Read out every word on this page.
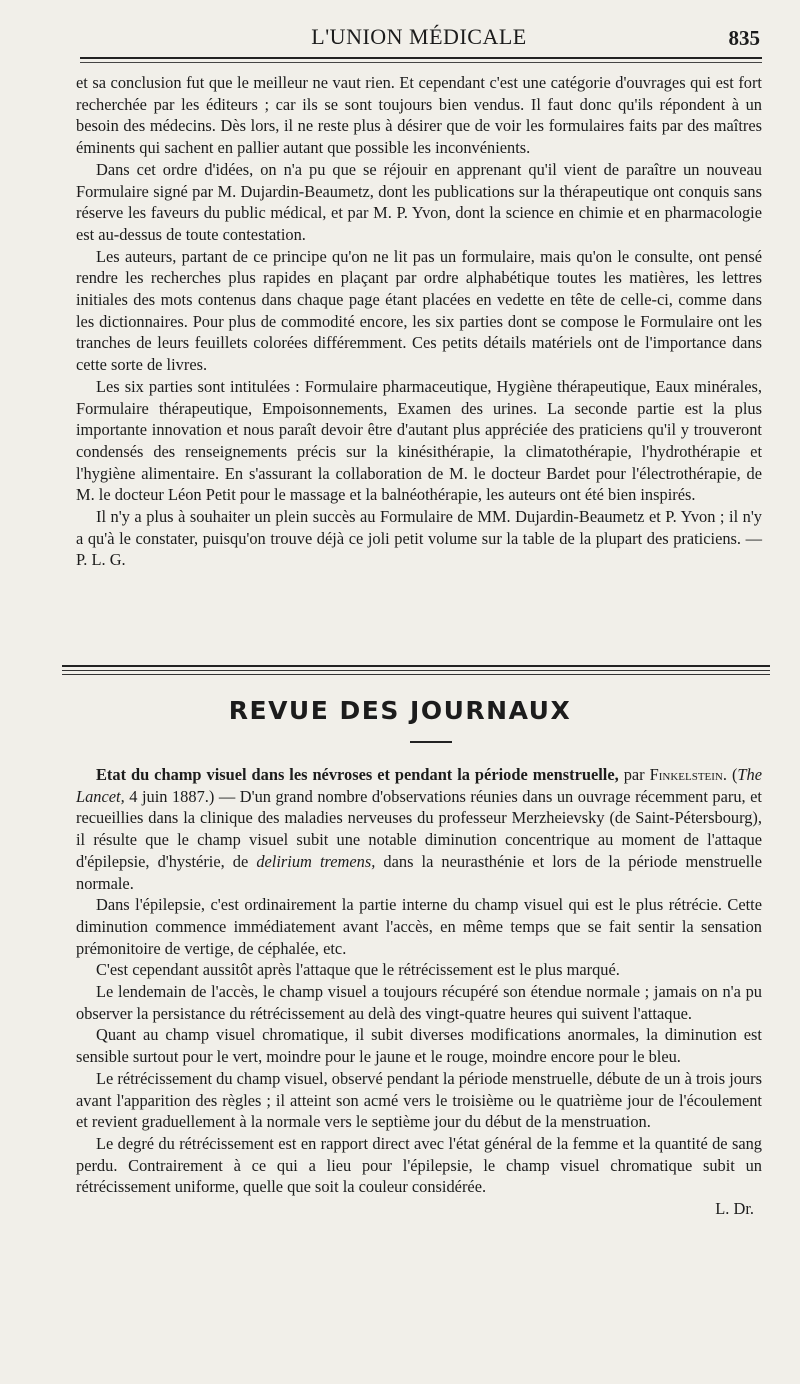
L'UNION MÉDICALE	835

et sa conclusion fut que le meilleur ne vaut rien. Et cependant c'est une catégorie d'ouvrages qui est fort recherchée par les éditeurs ; car ils se sont toujours bien vendus. Il faut donc qu'ils répondent à un besoin des médecins. Dès lors, il ne reste plus à désirer que de voir les formulaires faits par des maîtres éminents qui sachent en pallier autant que possible les inconvénients.

Dans cet ordre d'idées, on n'a pu que se réjouir en apprenant qu'il vient de paraître un nouveau Formulaire signé par M. Dujardin-Beaumetz, dont les publications sur la thérapeutique ont conquis sans réserve les faveurs du public médical, et par M. P. Yvon, dont la science en chimie et en pharmacologie est au-dessus de toute contestation.

Les auteurs, partant de ce principe qu'on ne lit pas un formulaire, mais qu'on le consulte, ont pensé rendre les recherches plus rapides en plaçant par ordre alphabétique toutes les matières, les lettres initiales des mots contenus dans chaque page étant placées en vedette en tête de celle-ci, comme dans les dictionnaires. Pour plus de commodité encore, les six parties dont se compose le Formulaire ont les tranches de leurs feuillets colorées différemment. Ces petits détails matériels ont de l'importance dans cette sorte de livres.

Les six parties sont intitulées : Formulaire pharmaceutique, Hygiène thérapeutique, Eaux minérales, Formulaire thérapeutique, Empoisonnements, Examen des urines. La seconde partie est la plus importante innovation et nous paraît devoir être d'autant plus appréciée des praticiens qu'il y trouveront condensés des renseignements précis sur la kinésithérapie, la climatothérapie, l'hydrothérapie et l'hygiène alimentaire. En s'assurant la collaboration de M. le docteur Bardet pour l'électrothérapie, de M. le docteur Léon Petit pour le massage et la balnéothérapie, les auteurs ont été bien inspirés.

Il n'y a plus à souhaiter un plein succès au Formulaire de MM. Dujardin-Beaumetz et P. Yvon ; il n'y a qu'à le constater, puisqu'on trouve déjà ce joli petit volume sur la table de la plupart des praticiens. — P. L. G.

REVUE DES JOURNAUX

Etat du champ visuel dans les névroses et pendant la période menstruelle, par Finkelstein. (The Lancet, 4 juin 1887.) — D'un grand nombre d'observations réunies dans un ouvrage récemment paru, et recueillies dans la clinique des maladies nerveuses du professeur Merzheievsky (de Saint-Pétersbourg), il résulte que le champ visuel subit une notable diminution concentrique au moment de l'attaque d'épilepsie, d'hystérie, de delirium tremens, dans la neurasthénie et lors de la période menstruelle normale.

Dans l'épilepsie, c'est ordinairement la partie interne du champ visuel qui est le plus rétrécie. Cette diminution commence immédiatement avant l'accès, en même temps que se fait sentir la sensation prémonitoire de vertige, de céphalée, etc.

C'est cependant aussitôt après l'attaque que le rétrécissement est le plus marqué.

Le lendemain de l'accès, le champ visuel a toujours récupéré son étendue normale ; jamais on n'a pu observer la persistance du rétrécissement au delà des vingt-quatre heures qui suivent l'attaque.

Quant au champ visuel chromatique, il subit diverses modifications anormales, la diminution est sensible surtout pour le vert, moindre pour le jaune et le rouge, moindre encore pour le bleu.

Le rétrécissement du champ visuel, observé pendant la période menstruelle, débute de un à trois jours avant l'apparition des règles ; il atteint son acmé vers le troisième ou le quatrième jour de l'écoulement et revient graduellement à la normale vers le septième jour du début de la menstruation.

Le degré du rétrécissement est en rapport direct avec l'état général de la femme et la quantité de sang perdu. Contrairement à ce qui a lieu pour l'épilepsie, le champ visuel chromatique subit un rétrécissement uniforme, quelle que soit la couleur considérée.

L. Dr.
